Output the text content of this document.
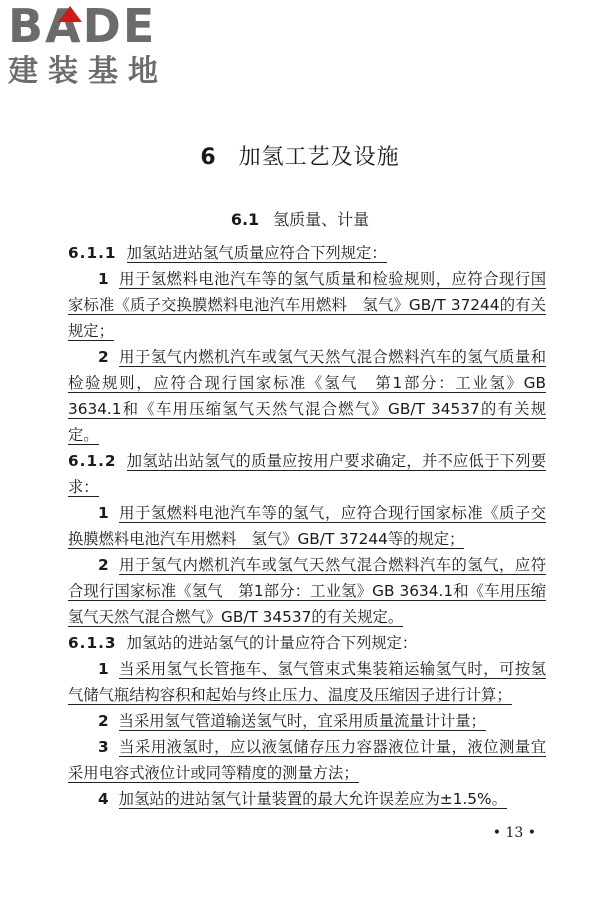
BADE
建装基地
6 加氢工艺及设施
6.1 氢质量、计量

6.1.1 加氢站进站氢气质量应符合下列规定：

1 用于氢燃料电池汽车等的氢气质量和检验规则，应符合现行国家标准《质子交换膜燃料电池汽车用燃料　氢气》GB/T 37244的有关规定；

2 用于氢气内燃机汽车或氢气天然气混合燃料汽车的氢气质量和检验规则，应符合现行国家标准《氢气　第1部分：工业氢》GB 3634.1和《车用压缩氢气天然气混合燃气》GB/T 34537的有关规定。

6.1.2 加氢站出站氢气的质量应按用户要求确定，并不应低于下列要求：

1 用于氢燃料电池汽车等的氢气，应符合现行国家标准《质子交换膜燃料电池汽车用燃料　氢气》GB/T 37244等的规定；

2 用于氢气内燃机汽车或氢气天然气混合燃料汽车的氢气，应符合现行国家标准《氢气　第1部分：工业氢》GB 3634.1和《车用压缩氢气天然气混合燃气》GB/T 34537的有关规定。

6.1.3 加氢站的进站氢气的计量应符合下列规定：

1 当采用氢气长管拖车、氢气管束式集装箱运输氢气时，可按氢气储气瓶结构容积和起始与终止压力、温度及压缩因子进行计算；

2 当采用氢气管道输送氢气时，宜采用质量流量计计量；

3 当采用液氢时，应以液氢储存压力容器液位计量，液位测量宜采用电容式液位计或同等精度的测量方法；

4 加氢站的进站氢气计量装置的最大允许误差应为±1.5%。

• 13 •
